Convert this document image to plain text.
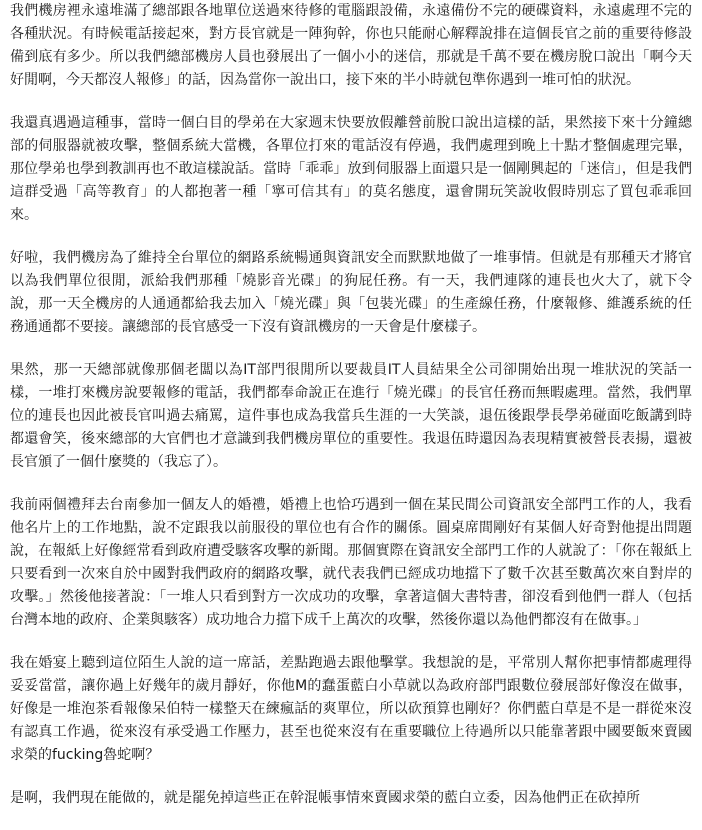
我們機房裡永遠堆滿了總部跟各地單位送過來待修的電腦跟設備，永遠備份不完的硬碟資料，永遠處理不完的各種狀況。有時候電話接起來，對方長官就是一陣狗幹，你也只能耐心解釋說排在這個長官之前的重要待修設備到底有多少。所以我們總部機房人員也發展出了一個小小的迷信，那就是千萬不要在機房脫口說出「啊今天好閒啊，今天都沒人報修」的話，因為當你一說出口，接下來的半小時就包準你遇到一堆可怕的狀況。

我還真遇過這種事，當時一個白目的學弟在大家週末快要放假離營前脫口說出這樣的話，果然接下來十分鐘總部的伺服器就被攻擊，整個系統大當機，各單位打來的電話沒有停過，我們處理到晚上十點才整個處理完畢，那位學弟也學到教訓再也不敢這樣說話。當時「乖乖」放到伺服器上面還只是一個剛興起的「迷信」，但是我們這群受過「高等教育」的人都抱著一種「寧可信其有」的莫名態度，還會開玩笑說收假時別忘了買包乖乖回來。

好啦，我們機房為了維持全台單位的網路系統暢通與資訊安全而默默地做了一堆事情。但就是有那種天才將官以為我們單位很閒，派給我們那種「燒影音光碟」的狗屁任務。有一天，我們連隊的連長也火大了，就下令說，那一天全機房的人通通都給我去加入「燒光碟」與「包裝光碟」的生產線任務，什麼報修、維護系統的任務通通都不要接。讓總部的長官感受一下沒有資訊機房的一天會是什麼樣子。

果然，那一天總部就像那個老闆以為IT部門很閒所以要裁員IT人員結果全公司卻開始出現一堆狀況的笑話一樣，一堆打來機房說要報修的電話，我們都奉命說正在進行「燒光碟」的長官任務而無暇處理。當然，我們單位的連長也因此被長官叫過去痛罵，這件事也成為我當兵生涯的一大笑談，退伍後跟學長學弟碰面吃飯講到時都還會笑，後來總部的大官們也才意識到我們機房單位的重要性。我退伍時還因為表現精實被營長表揚，還被長官頒了一個什麼獎的（我忘了）。

我前兩個禮拜去台南參加一個友人的婚禮，婚禮上也恰巧遇到一個在某民間公司資訊安全部門工作的人，我看他名片上的工作地點，說不定跟我以前服役的單位也有合作的關係。圓桌席間剛好有某個人好奇對他提出問題說，在報紙上好像經常看到政府遭受駭客攻擊的新聞。那個實際在資訊安全部門工作的人就說了：「你在報紙上只要看到一次來自於中國對我們政府的網路攻擊，就代表我們已經成功地擋下了數千次甚至數萬次來自對岸的攻擊。」然後他接著說：「一堆人只看到對方一次成功的攻擊，拿著這個大書特書，卻沒看到他們一群人（包括台灣本地的政府、企業與駭客）成功地合力擋下成千上萬次的攻擊，然後你還以為他們都沒有在做事。」

我在婚宴上聽到這位陌生人說的這一席話，差點跑過去跟他擊掌。我想說的是，平常別人幫你把事情都處理得妥妥當當，讓你過上好幾年的歲月靜好，你他M的蠢蛋藍白小草就以為政府部門跟數位發展部好像沒在做事，好像是一堆泡茶看報像呆伯特一樣整天在練瘋話的爽單位，所以砍預算也剛好？你們藍白草是不是一群從來沒有認真工作過，從來沒有承受過工作壓力，甚至也從來沒有在重要職位上待過所以只能靠著跟中國要飯來賣國求榮的fucking魯蛇啊？

是啊，我們現在能做的，就是罷免掉這些正在幹混帳事情來賣國求榮的藍白立委，因為他們正在砍掉所
